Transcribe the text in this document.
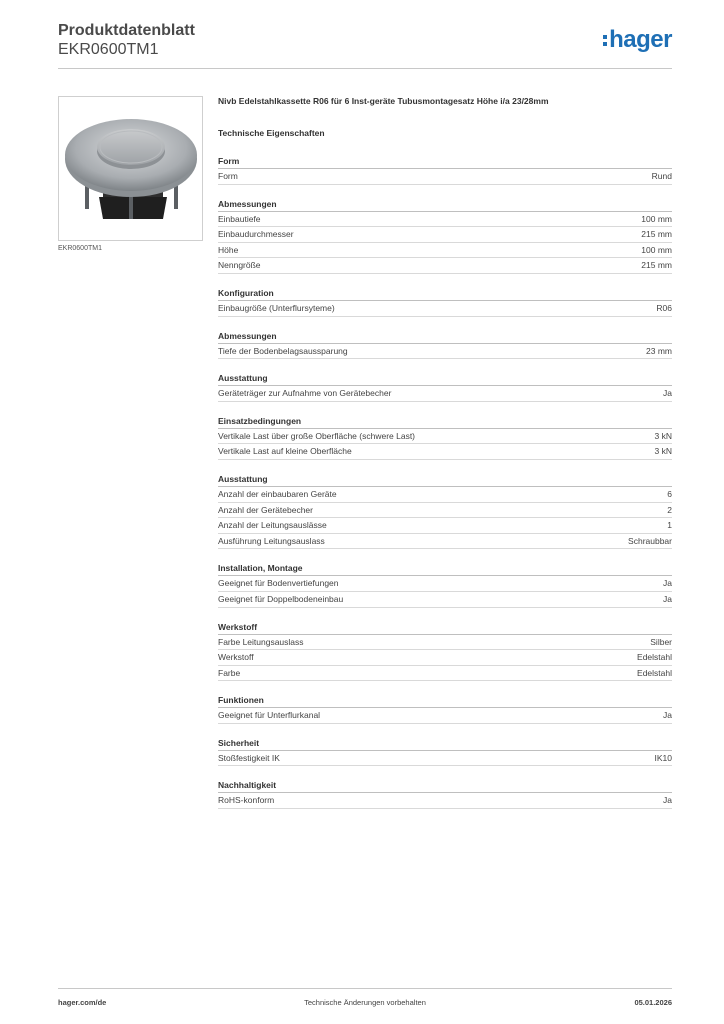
Produktdatenblatt
EKR0600TM1	hager
EKR0600TM1
Nivb Edelstahlkassette R06 für 6 Inst-geräte Tubusmontagesatz Höhe i/a 23/28mm
Technische Eigenschaften
Form
Form	Rund
Abmessungen
Einbautiefe	100 mm
Einbaudurchmesser	215 mm
Höhe	100 mm
Nenngröße	215 mm
Konfiguration
Einbaugröße (Unterflursyteme)	R06
Abmessungen
Tiefe der Bodenbelagsaussparung	23 mm
Ausstattung
Geräteträger zur Aufnahme von Gerätebecher	Ja
Einsatzbedingungen
Vertikale Last über große Oberfläche (schwere Last)	3 kN
Vertikale Last auf kleine Oberfläche	3 kN
Ausstattung
Anzahl der einbaubaren Geräte	6
Anzahl der Gerätebecher	2
Anzahl der Leitungsauslässe	1
Ausführung Leitungsauslass	Schraubbar
Installation, Montage
Geeignet für Bodenvertiefungen	Ja
Geeignet für Doppelbodeneinbau	Ja
Werkstoff
Farbe Leitungsauslass	Silber
Werkstoff	Edelstahl
Farbe	Edelstahl
Funktionen
Geeignet für Unterflurkanal	Ja
Sicherheit
Stoßfestigkeit IK	IK10
Nachhaltigkeit
RoHS-konform	Ja
hager.com/de	Technische Änderungen vorbehalten	05.01.2026
